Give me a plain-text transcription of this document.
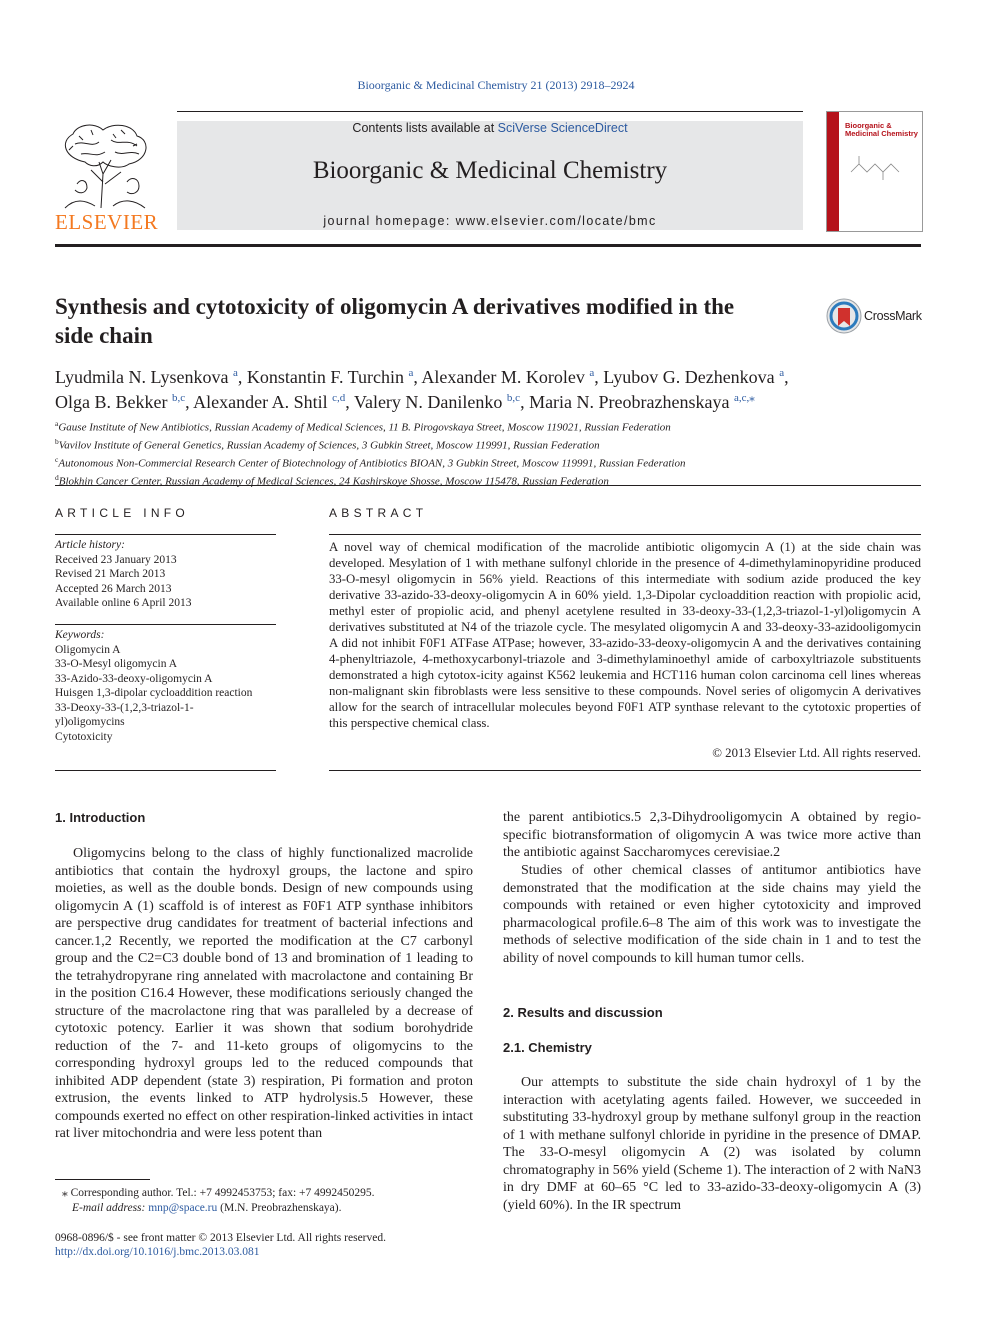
Bioorganic & Medicinal Chemistry 21 (2013) 2918–2924
ELSEVIER
Contents lists available at SciVerse ScienceDirect
Bioorganic & Medicinal Chemistry
journal homepage: www.elsevier.com/locate/bmc
Bioorganic & Medicinal Chemistry
Synthesis and cytotoxicity of oligomycin A derivatives modified in the side chain
CrossMark
Lyudmila N. Lysenkova $^a$, Konstantin F. Turchin $^a$, Alexander M. Korolev $^a$, Lyubov G. Dezhenkova $^a$,
Olga B. Bekker $^{b,c}$, Alexander A. Shtil $^{c,d}$, Valery N. Danilenko $^{b,c}$, Maria N. Preobrazhenskaya $^{a,c,⁎}$
$^a$Gause Institute of New Antibiotics, Russian Academy of Medical Sciences, 11 B. Pirogovskaya Street, Moscow 119021, Russian Federation
$^b$Vavilov Institute of General Genetics, Russian Academy of Sciences, 3 Gubkin Street, Moscow 119991, Russian Federation
$^c$Autonomous Non-Commercial Research Center of Biotechnology of Antibiotics BIOAN, 3 Gubkin Street, Moscow 119991, Russian Federation
$^d$Blokhin Cancer Center, Russian Academy of Medical Sciences, 24 Kashirskoye Shosse, Moscow 115478, Russian Federation
ARTICLE INFO
Article history:
Received 23 January 2013
Revised 21 March 2013
Accepted 26 March 2013
Available online 6 April 2013
Keywords:
Oligomycin A
33-O-Mesyl oligomycin A
33-Azido-33-deoxy-oligomycin A
Huisgen 1,3-dipolar cycloaddition reaction
33-Deoxy-33-(1,2,3-triazol-1-yl)oligomycins
Cytotoxicity
ABSTRACT
A novel way of chemical modification of the macrolide antibiotic oligomycin A (1) at the side chain was developed. Mesylation of 1 with methane sulfonyl chloride in the presence of 4-dimethylaminopyridine produced 33-O-mesyl oligomycin in 56% yield. Reactions of this intermediate with sodium azide produced the key derivative 33-azido-33-deoxy-oligomycin A in 60% yield. 1,3-Dipolar cycloaddition reaction with propiolic acid, methyl ester of propiolic acid, and phenyl acetylene resulted in 33-deoxy-33-(1,2,3-triazol-1-yl)oligomycin A derivatives substituted at N4 of the triazole cycle. The mesylated oligomycin A and 33-deoxy-33-azidooligomycin A did not inhibit F0F1 ATFase ATPase; however, 33-azido-33-deoxy-oligomycin A and the derivatives containing 4-phenyltriazole, 4-methoxycarbonyl-triazole and 3-dimethylaminoethyl amide of carboxyltriazole substituents demonstrated a high cytotox-icity against K562 leukemia and HCT116 human colon carcinoma cell lines whereas non-malignant skin fibroblasts were less sensitive to these compounds. Novel series of oligomycin A derivatives allow for the search of intracellular molecules beyond F0F1 ATP synthase relevant to the cytotoxic properties of this perspective chemical class.
© 2013 Elsevier Ltd. All rights reserved.
1. Introduction
Oligomycins belong to the class of highly functionalized macrolide antibiotics that contain the hydroxyl groups, the lactone and spiro moieties, as well as the double bonds. Design of new compounds using oligomycin A (1) scaffold is of interest as F0F1 ATP synthase inhibitors are perspective drug candidates for treatment of bacterial infections and cancer.1,2 Recently, we reported the modification at the C7 carbonyl group and the C2=C3 double bond of 13 and bromination of 1 leading to the tetrahydropyrane ring annelated with macrolactone and containing Br in the position C16.4 However, these modifications seriously changed the structure of the macrolactone ring that was paralleled by a decrease of cytotoxic potency. Earlier it was shown that sodium borohydride reduction of the 7- and 11-keto groups of oligomycins to the corresponding hydroxyl groups led to the reduced compounds that inhibited ADP dependent (state 3) respiration, Pi formation and proton extrusion, the events linked to ATP hydrolysis.5 However, these compounds exerted no effect on other respiration-linked activities in intact rat liver mitochondria and were less potent than
the parent antibiotics.5 2,3-Dihydrooligomycin A obtained by regio-specific biotransformation of oligomycin A was twice more active than the antibiotic against Saccharomyces cerevisiae.2
Studies of other chemical classes of antitumor antibiotics have demonstrated that the modification at the side chains may yield the compounds with retained or even higher cytotoxicity and improved pharmacological profile.6–8 The aim of this work was to investigate the methods of selective modification of the side chain in 1 and to test the ability of novel compounds to kill human tumor cells.
2. Results and discussion
2.1. Chemistry
Our attempts to substitute the side chain hydroxyl of 1 by the interaction with acetylating agents failed. However, we succeeded in substituting 33-hydroxyl group by methane sulfonyl group in the reaction of 1 with methane sulfonyl chloride in pyridine in the presence of DMAP. The 33-O-mesyl oligomycin A (2) was isolated by column chromatography in 56% yield (Scheme 1). The interaction of 2 with NaN3 in dry DMF at 60–65 °C led to 33-azido-33-deoxy-oligomycin A (3) (yield 60%). In the IR spectrum
⁎ Corresponding author. Tel.: +7 4992453753; fax: +7 4992450295.
E-mail address: mnp@space.ru (M.N. Preobrazhenskaya).
0968-0896/$ - see front matter © 2013 Elsevier Ltd. All rights reserved.
http://dx.doi.org/10.1016/j.bmc.2013.03.081
